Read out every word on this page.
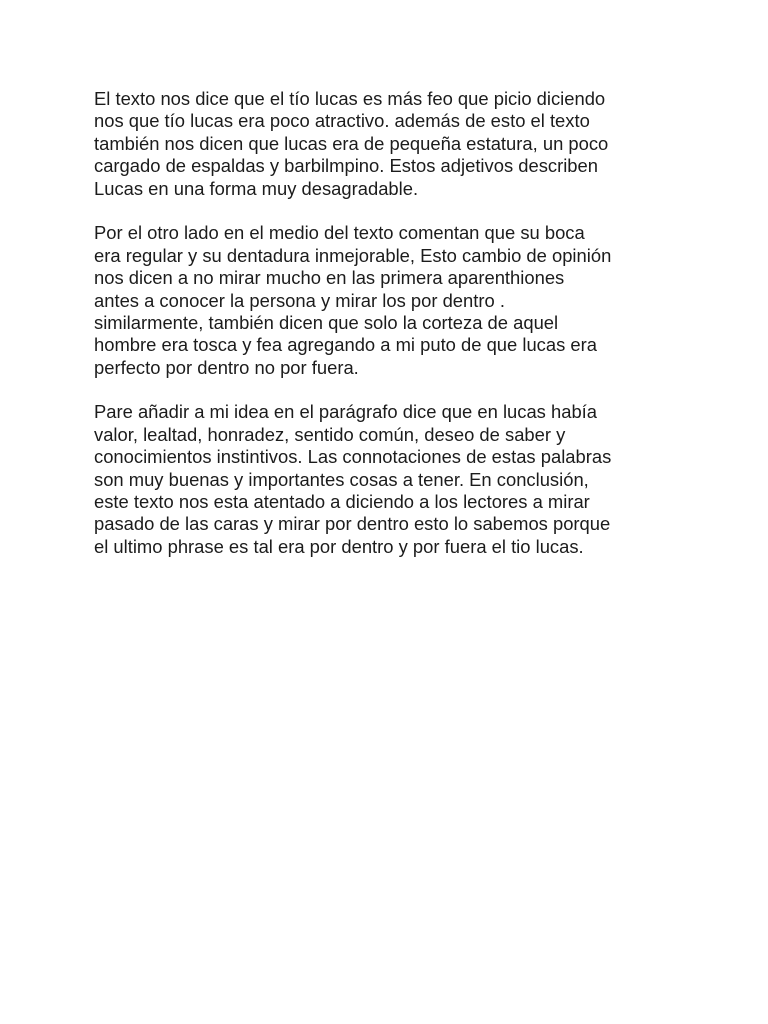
El texto nos dice que el tío lucas es más feo que picio diciendo
nos que tío lucas era poco atractivo. además de esto el texto
también nos dicen que lucas era de pequeña estatura, un poco
cargado de espaldas y barbilmpino. Estos adjetivos describen
Lucas en una forma muy desagradable.

Por el otro lado en el medio del texto comentan que su boca
era regular y su dentadura inmejorable, Esto cambio de opinión
nos dicen a no mirar mucho en las primera aparenthiones
antes a conocer la persona y mirar los por dentro .
similarmente, también dicen que solo la corteza de aquel
hombre era tosca y fea agregando a mi puto de que lucas era
perfecto por dentro no por fuera.

Pare añadir a mi idea en el parágrafo dice que en lucas había
valor, lealtad, honradez, sentido común, deseo de saber y
conocimientos instintivos. Las connotaciones de estas palabras
son muy buenas y importantes cosas a tener. En conclusión,
este texto nos esta atentado a diciendo a los lectores a mirar
pasado de las caras y mirar por dentro esto lo sabemos porque
el ultimo phrase es tal era por dentro y por fuera el tio lucas.
